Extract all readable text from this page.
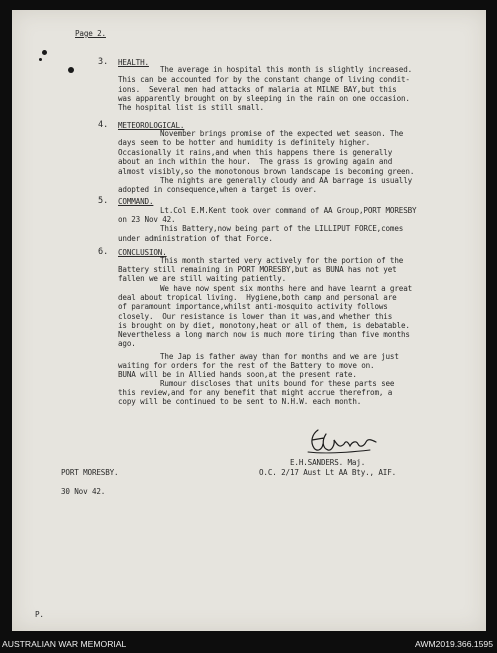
Page 2.
3. HEALTH.
The average in hospital this month is slightly increased.
This can be accounted for by the constant change of living condit-
ions.  Several men had attacks of malaria at MILNE BAY,but this
was apparently brought on by sleeping in the rain on one occasion.
The hospital list is still small.
4. METEOROLOGICAL.
November brings promise of the expected wet season. The
days seem to be hotter and humidity is definitely higher.
Occasionally it rains,and when this happens there is generally
about an inch within the hour.  The grass is growing again and
almost visibly,so the monotonous brown landscape is becoming green.
The nights are generally cloudy and AA barrage is usually
adopted in consequence,when a target is over.
5. COMMAND.
Lt.Col E.M.Kent took over command of AA Group,PORT MORESBY
on 23 Nov 42.
This Battery,now being part of the LILLIPUT FORCE,comes
under administration of that Force.
6. CONCLUSION.
This month started very actively for the portion of the
Battery still remaining in PORT MORESBY,but as BUNA has not yet
fallen we are still waiting patiently.
We have now spent six months here and have learnt a great
deal about tropical living.  Hygiene,both camp and personal are
of paramount importance,whilst anti-mosquito activity follows
closely.  Our resistance is lower than it was,and whether this
is brought on by diet, monotony,heat or all of them, is debatable.
Nevertheless a long march now is much more tiring than five months
ago.
The Jap is father away than for months and we are just
waiting for orders for the rest of the Battery to move on.
BUNA will be in Allied hands soon,at the present rate.
Rumour discloses that units bound for these parts see
this review,and for any benefit that might accrue therefrom, a
copy will be continued to be sent to N.H.W. each month.
E.H.SANDERS. Maj.
O.C. 2/17 Aust Lt AA Bty., AIF.
PORT MORESBY.
30 Nov 42.
P.
AUSTRALIAN WAR MEMORIAL	AWM2019.366.1595
